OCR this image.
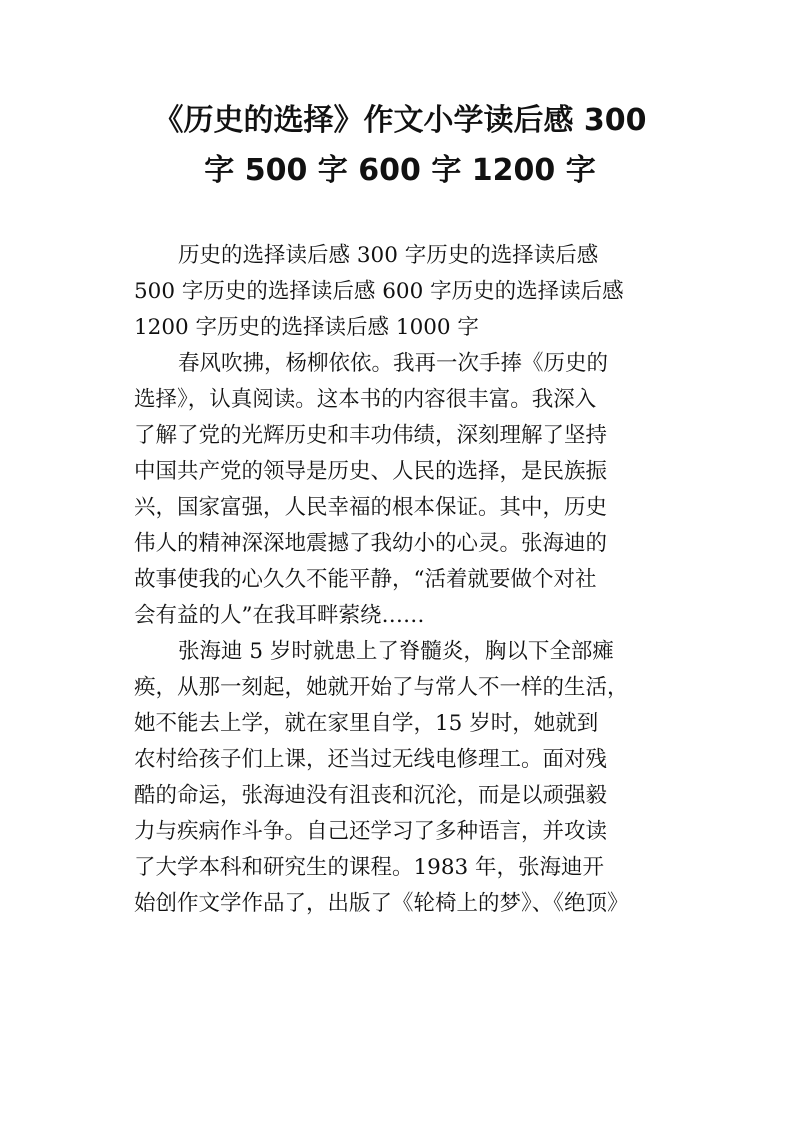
《历史的选择》作文小学读后感 300
字 500 字 600 字 1200 字
历史的选择读后感 300 字历史的选择读后感
500 字历史的选择读后感 600 字历史的选择读后感
1200 字历史的选择读后感 1000 字
春风吹拂，杨柳依依。我再一次手捧《历史的
选择》，认真阅读。这本书的内容很丰富。我深入
了解了党的光辉历史和丰功伟绩，深刻理解了坚持
中国共产党的领导是历史、人民的选择，是民族振
兴，国家富强，人民幸福的根本保证。其中，历史
伟人的精神深深地震撼了我幼小的心灵。张海迪的
故事使我的心久久不能平静，“活着就要做个对社
会有益的人”在我耳畔萦绕……
张海迪 5 岁时就患上了脊髓炎，胸以下全部瘫
痪，从那一刻起，她就开始了与常人不一样的生活，
她不能去上学，就在家里自学，15 岁时，她就到
农村给孩子们上课，还当过无线电修理工。面对残
酷的命运，张海迪没有沮丧和沉沦，而是以顽强毅
力与疾病作斗争。自己还学习了多种语言，并攻读
了大学本科和研究生的课程。1983 年，张海迪开
始创作文学作品了，出版了《轮椅上的梦》、《绝顶》
